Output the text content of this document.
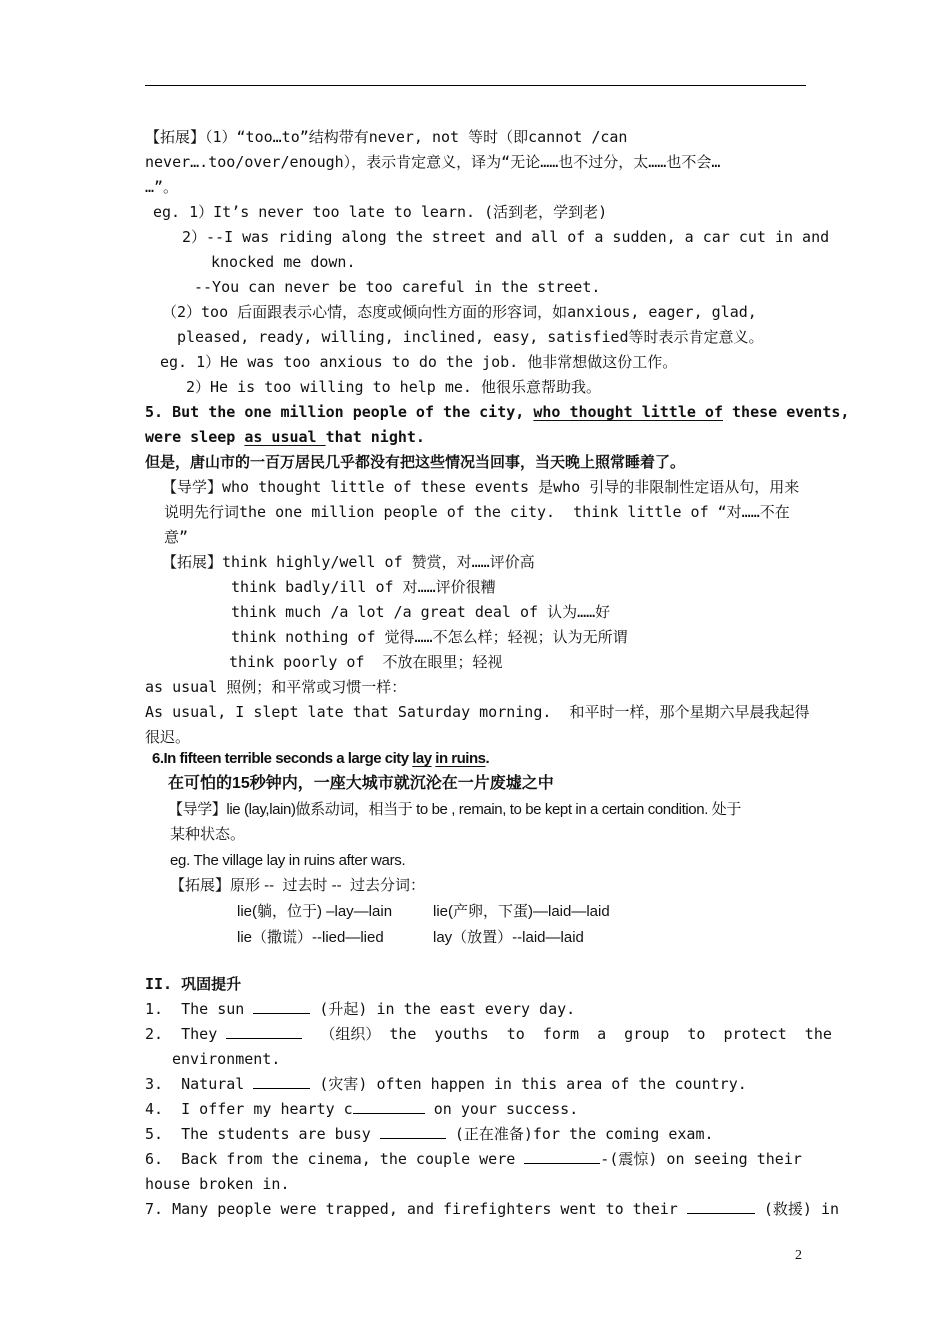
【拓展】（1）“too…to”结构带有never, not 等时（即cannot /can
never….too/over/enough），表示肯定意义，译为“无论……也不过分，太……也不会…
…”。
eg. 1）It’s never too late to learn. (活到老，学到老)
2）--I was riding along the street and all of a sudden, a car cut in and
knocked me down.
--You can never be too careful in the street.
（2）too 后面跟表示心情，态度或倾向性方面的形容词，如anxious, eager, glad,
pleased, ready, willing, inclined, easy, satisfied等时表示肯定意义。
eg. 1）He was too anxious to do the job. 他非常想做这份工作。
2）He is too willing to help me. 他很乐意帮助我。
5. But the one million people of the city, who thought little of these events,
were sleep as usual that night.
但是，唐山市的一百万居民几乎都没有把这些情况当回事，当天晚上照常睡着了。
【导学】who thought little of these events 是who 引导的非限制性定语从句，用来
说明先行词the one million people of the city.  think little of “对……不在
意”
【拓展】think highly/well of 赞赏，对……评价高
think badly/ill of 对……评价很糟
think much /a lot /a great deal of 认为……好
think nothing of 觉得……不怎么样；轻视；认为无所谓
think poorly of  不放在眼里；轻视
as usual 照例；和平常或习惯一样：
As usual, I slept late that Saturday morning.  和平时一样，那个星期六早晨我起得
很迟。
6.In fifteen terrible seconds a large city lay in ruins.
在可怕的15秒钟内，一座大城市就沉沦在一片废墟之中
【导学】lie (lay,lain)做系动词，相当于 to be , remain, to be kept in a certain condition. 处于
某种状态。
eg. The village lay in ruins after wars.
【拓展】原形 --  过去时 --  过去分词：
lie(躺，位于) –lay—lain	lie(产卵，下蛋)—laid—laid
lie（撒谎）--lied—lied	lay（放置）--laid—laid
II. 巩固提升
1.  The sun	(升起) in the east every day.
2.  They	（组织） the  youths  to  form  a  group  to  protect  the
environment.
3.  Natural	(灾害) often happen in this area of the country.
4.  I offer my hearty c	on your success.
5.  The students are busy	(正在准备)for the coming exam.
6.  Back from the cinema, the couple were	-(震惊) on seeing their
house broken in.
7. Many people were trapped, and firefighters went to their	(救援) in
2
